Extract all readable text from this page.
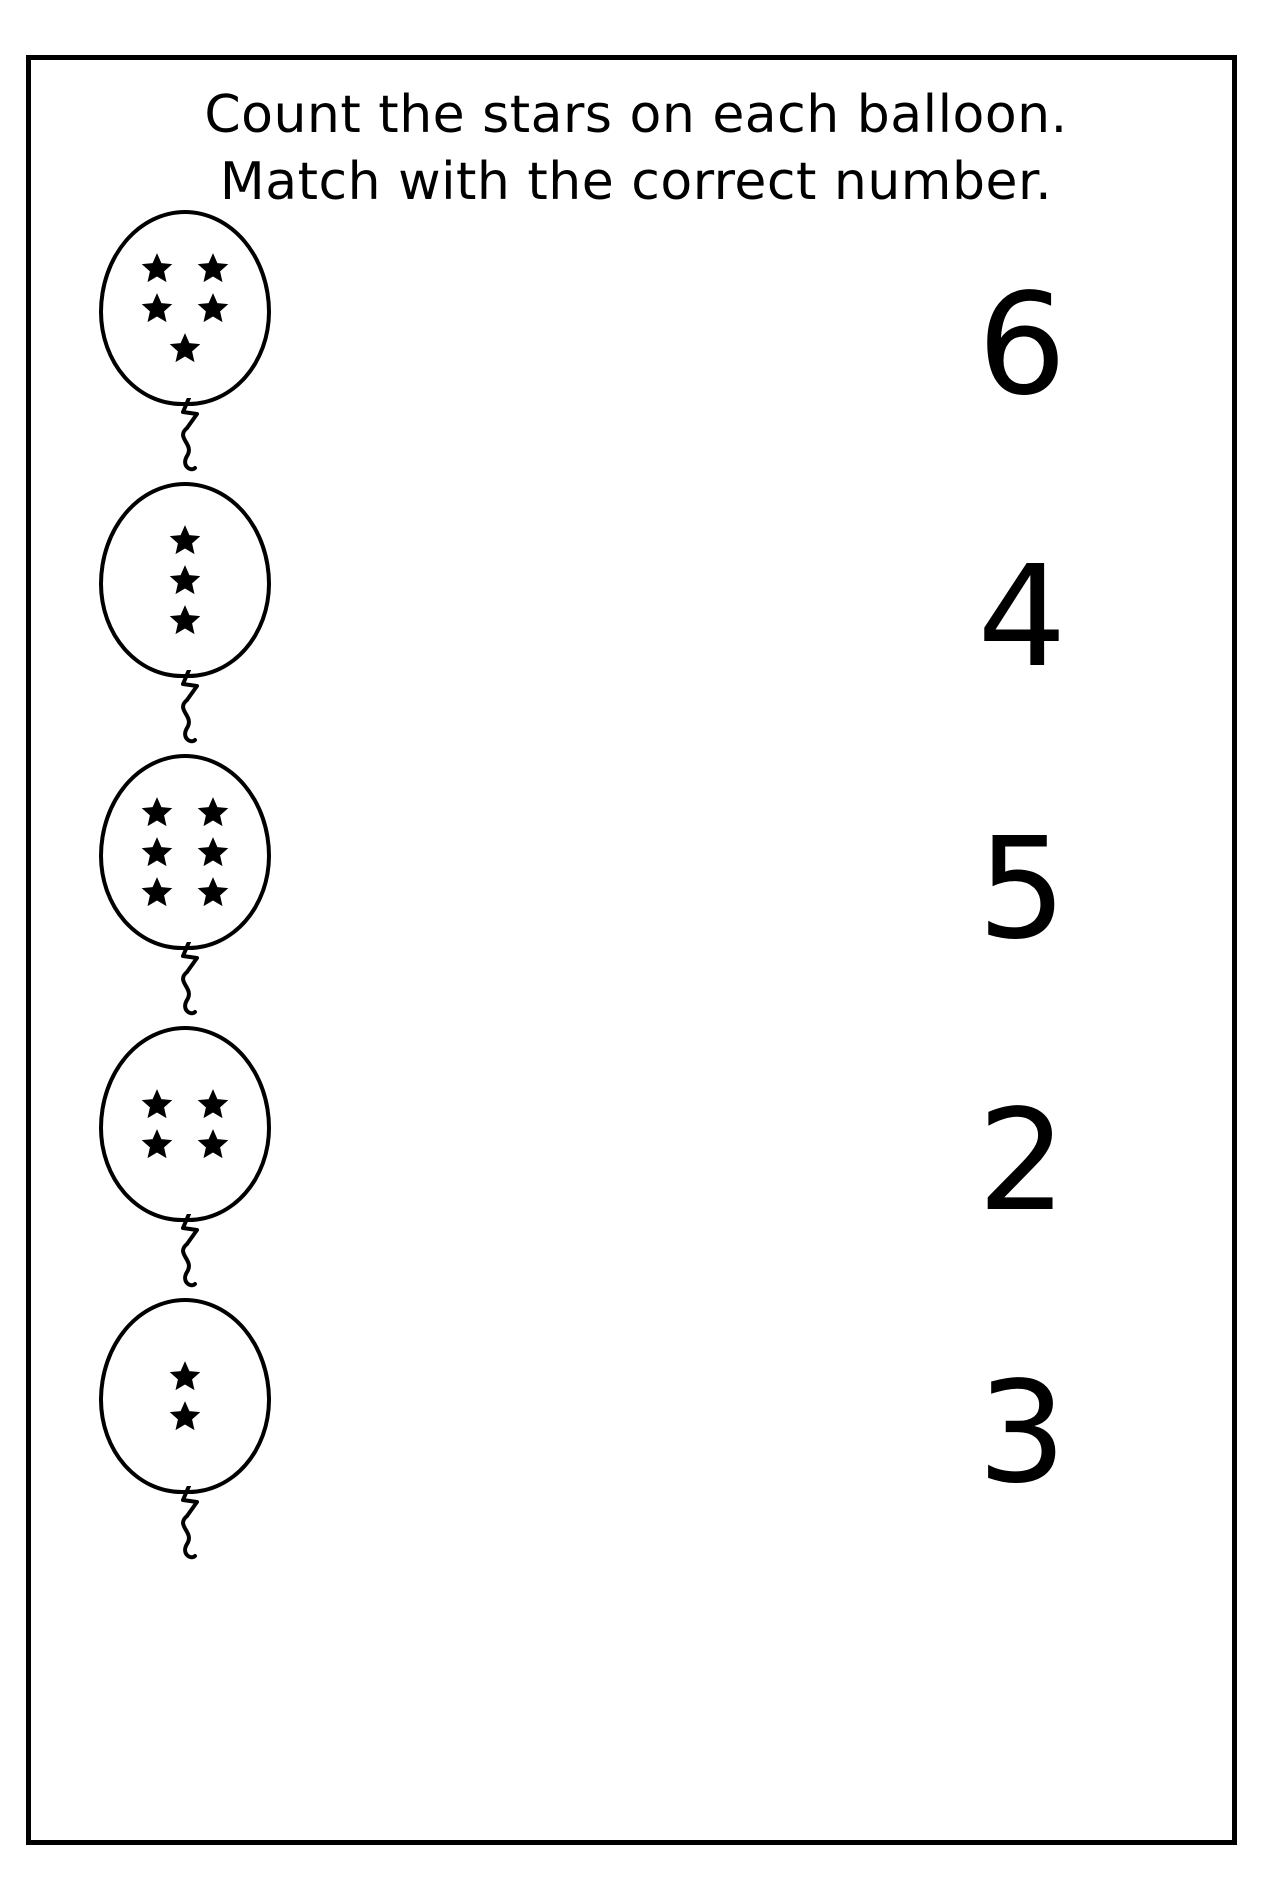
Count the stars on each balloon.
Match with the correct number.
6
4
5
2
3
